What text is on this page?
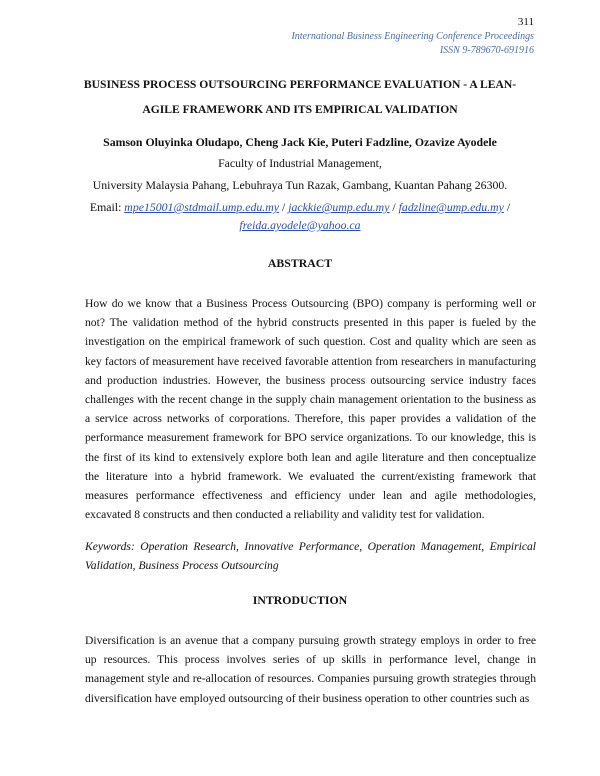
311
International Business Engineering Conference Proceedings
ISSN 9-789670-691916
BUSINESS PROCESS OUTSOURCING PERFORMANCE EVALUATION - A LEAN-
AGILE FRAMEWORK AND ITS EMPIRICAL VALIDATION
Samson Oluyinka Oludapo, Cheng Jack Kie, Puteri Fadzline, Ozavize Ayodele
Faculty of Industrial Management,
University Malaysia Pahang, Lebuhraya Tun Razak, Gambang, Kuantan Pahang 26300.
Email: mpe15001@stdmail.ump.edu.my / jackkie@ump.edu.my / fadzline@ump.edu.my /
freida.ayodele@yahoo.ca
ABSTRACT
How do we know that a Business Process Outsourcing (BPO) company is performing well or not? The validation method of the hybrid constructs presented in this paper is fueled by the investigation on the empirical framework of such question. Cost and quality which are seen as key factors of measurement have received favorable attention from researchers in manufacturing and production industries. However, the business process outsourcing service industry faces challenges with the recent change in the supply chain management orientation to the business as a service across networks of corporations. Therefore, this paper provides a validation of the performance measurement framework for BPO service organizations. To our knowledge, this is the first of its kind to extensively explore both lean and agile literature and then conceptualize the literature into a hybrid framework. We evaluated the current/existing framework that measures performance effectiveness and efficiency under lean and agile methodologies, excavated 8 constructs and then conducted a reliability and validity test for validation.
Keywords: Operation Research, Innovative Performance, Operation Management, Empirical Validation, Business Process Outsourcing
INTRODUCTION
Diversification is an avenue that a company pursuing growth strategy employs in order to free up resources. This process involves series of up skills in performance level, change in management style and re-allocation of resources. Companies pursuing growth strategies through diversification have employed outsourcing of their business operation to other countries such as
